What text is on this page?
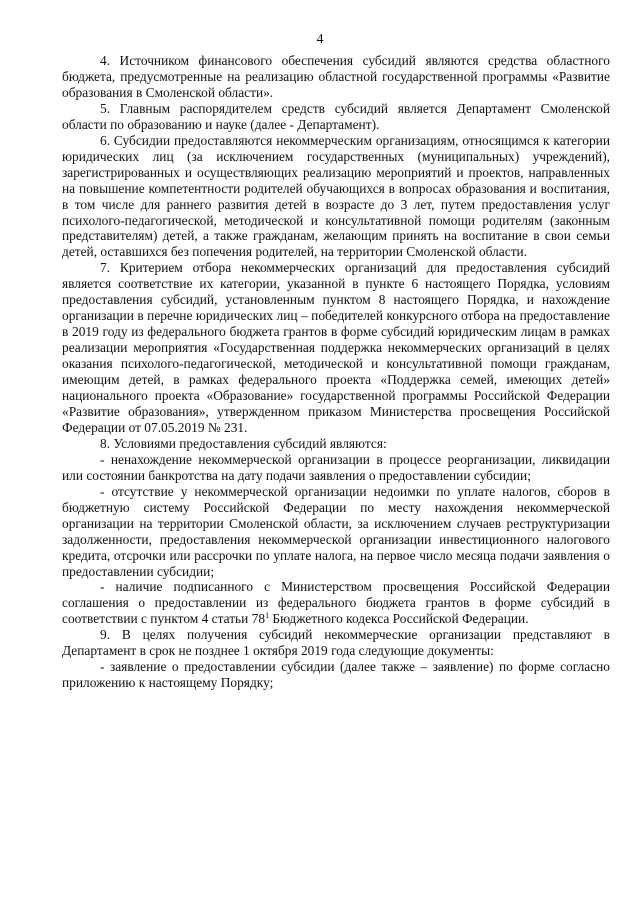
4

4. Источником финансового обеспечения субсидий являются средства областного бюджета, предусмотренные на реализацию областной государственной программы «Развитие образования в Смоленской области».

5. Главным распорядителем средств субсидий является Департамент Смоленской области по образованию и науке (далее - Департамент).

6. Субсидии предоставляются некоммерческим организациям, относящимся к категории юридических лиц (за исключением государственных (муниципальных) учреждений), зарегистрированных и осуществляющих реализацию мероприятий и проектов, направленных на повышение компетентности родителей обучающихся в вопросах образования и воспитания, в том числе для раннего развития детей в возрасте до 3 лет, путем предоставления услуг психолого-педагогической, методической и консультативной помощи родителям (законным представителям) детей, а также гражданам, желающим принять на воспитание в свои семьи детей, оставшихся без попечения родителей, на территории Смоленской области.

7. Критерием отбора некоммерческих организаций для предоставления субсидий является соответствие их категории, указанной в пункте 6 настоящего Порядка, условиям предоставления субсидий, установленным пунктом 8 настоящего Порядка, и нахождение организации в перечне юридических лиц – победителей конкурсного отбора на предоставление в 2019 году из федерального бюджета грантов в форме субсидий юридическим лицам в рамках реализации мероприятия «Государственная поддержка некоммерческих организаций в целях оказания психолого-педагогической, методической и консультативной помощи гражданам, имеющим детей, в рамках федерального проекта «Поддержка семей, имеющих детей» национального проекта «Образование» государственной программы Российской Федерации «Развитие образования», утвержденном приказом Министерства просвещения Российской Федерации от 07.05.2019 № 231.

8. Условиями предоставления субсидий являются:

- ненахождение некоммерческой организации в процессе реорганизации, ликвидации или состоянии банкротства на дату подачи заявления о предоставлении субсидии;

- отсутствие у некоммерческой организации недоимки по уплате налогов, сборов в бюджетную систему Российской Федерации по месту нахождения некоммерческой организации на территории Смоленской области, за исключением случаев реструктуризации задолженности, предоставления некоммерческой организации инвестиционного налогового кредита, отсрочки или рассрочки по уплате налога, на первое число месяца подачи заявления о предоставлении субсидии;

- наличие подписанного с Министерством просвещения Российской Федерации соглашения о предоставлении из федерального бюджета грантов в форме субсидий в соответствии с пунктом 4 статьи $78^1$ Бюджетного кодекса Российской Федерации.

9. В целях получения субсидий некоммерческие организации представляют в Департамент в срок не позднее 1 октября 2019 года следующие документы:

- заявление о предоставлении субсидии (далее также – заявление) по форме согласно приложению к настоящему Порядку;
